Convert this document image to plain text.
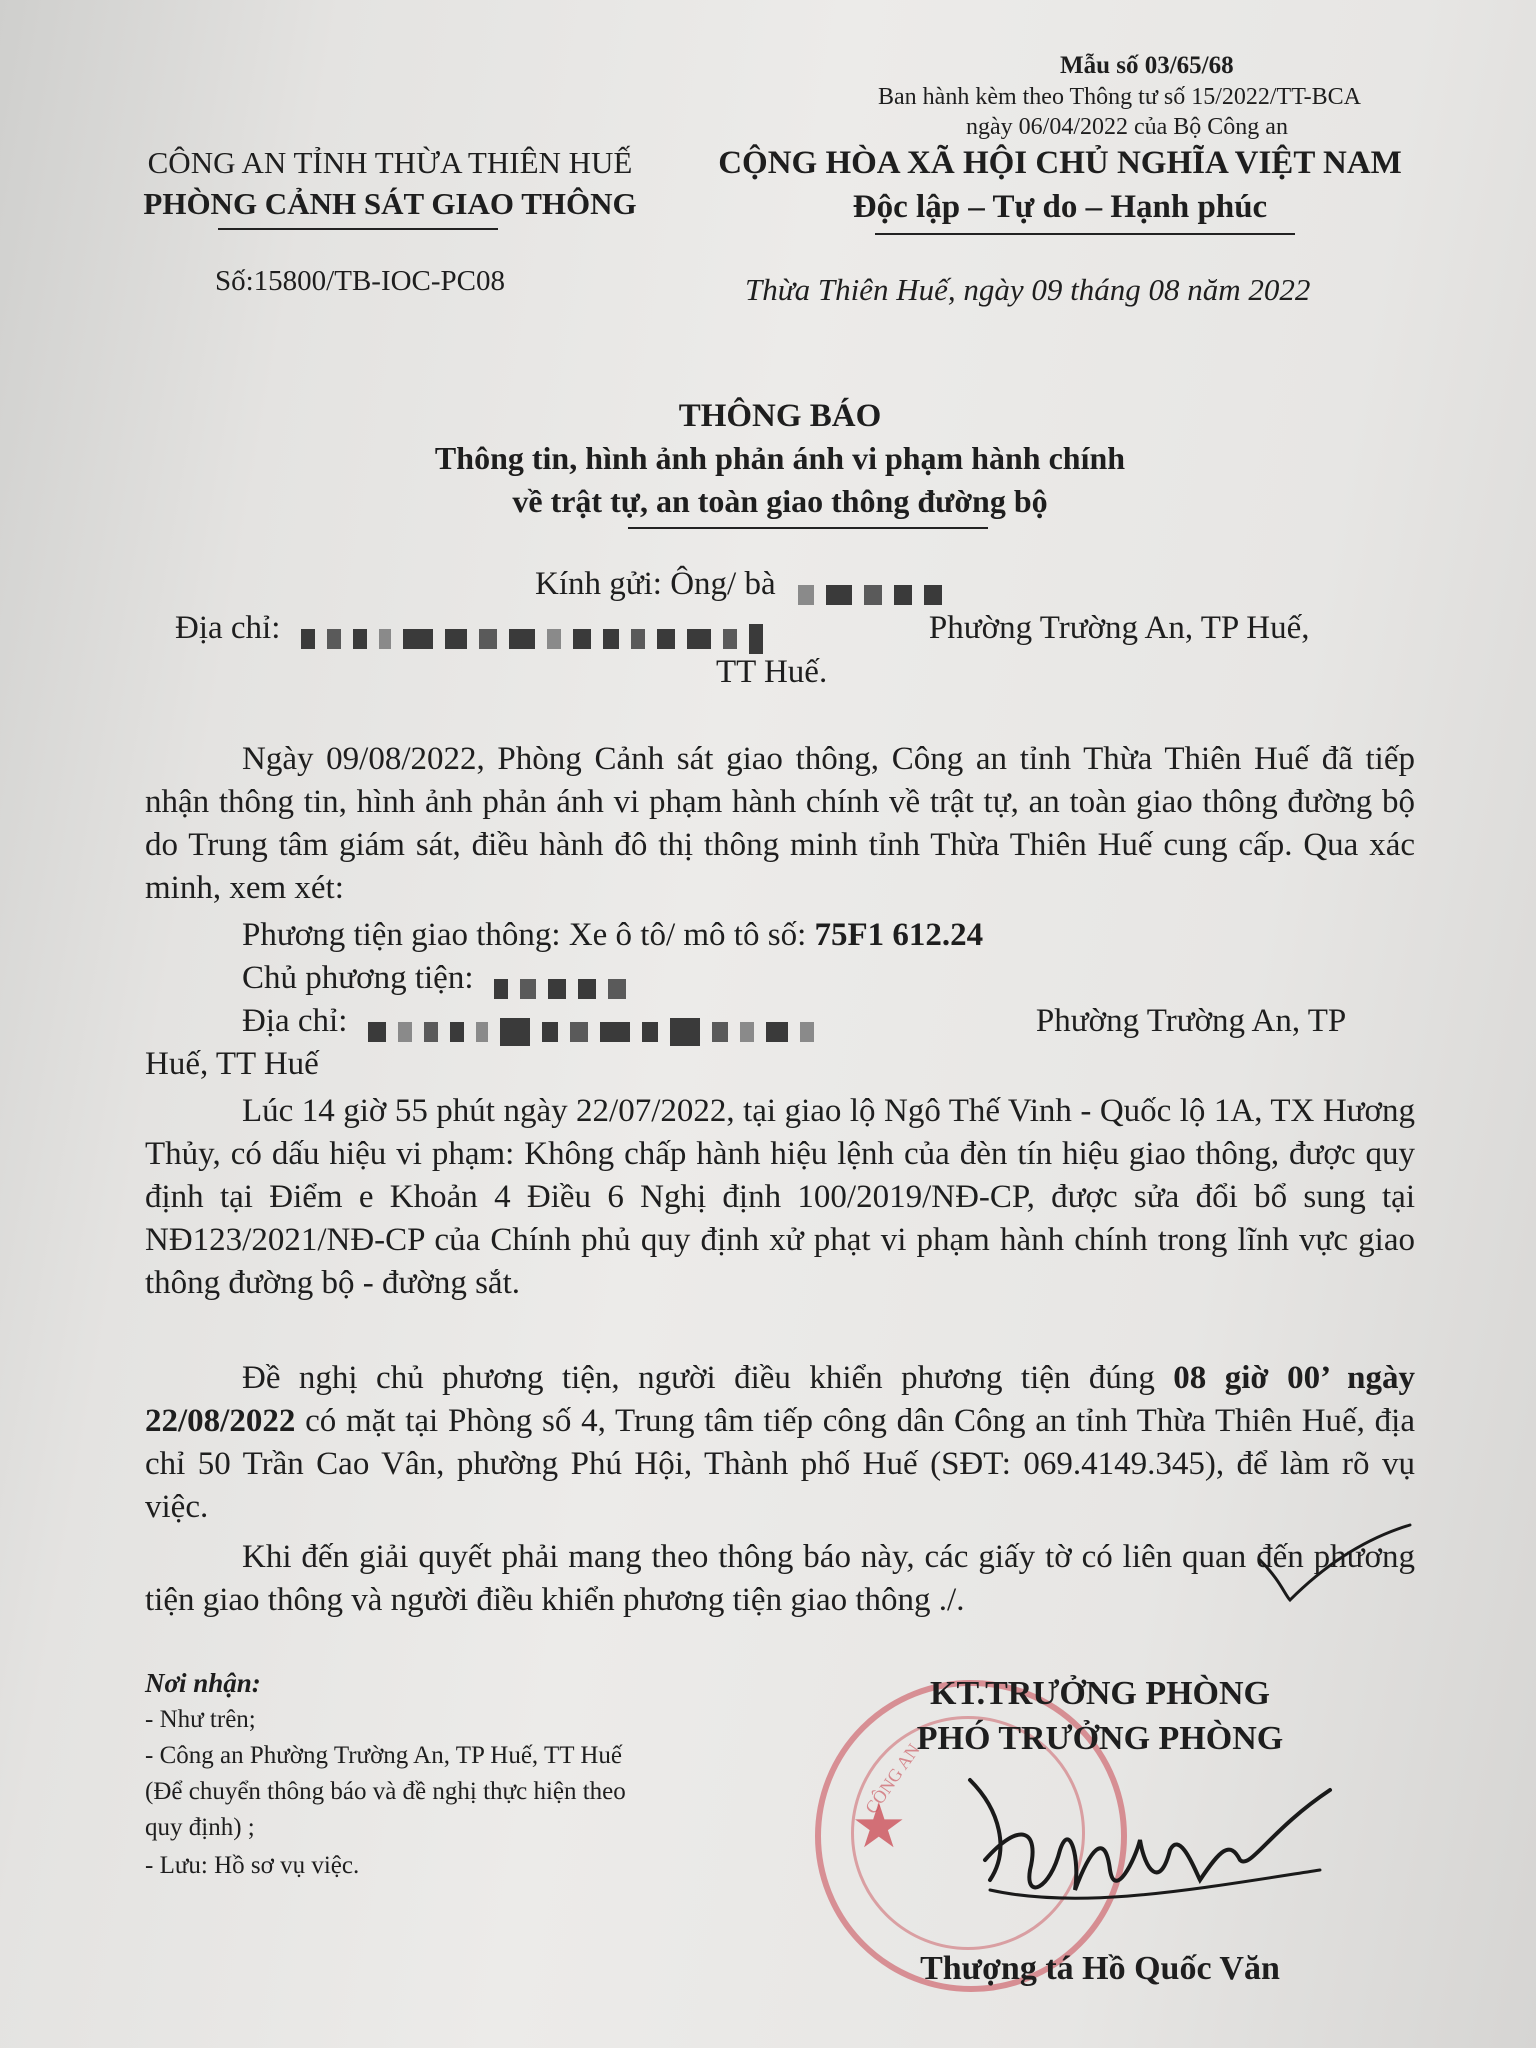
Mẫu số 03/65/68
Ban hành kèm theo Thông tư số 15/2022/TT-BCA
ngày 06/04/2022 của Bộ Công an
CÔNG AN TỈNH THỪA THIÊN HUẾ
PHÒNG CẢNH SÁT GIAO THÔNG
Số:15800/TB-IOC-PC08
CỘNG HÒA XÃ HỘI CHỦ NGHĨA VIỆT NAM
Độc lập – Tự do – Hạnh phúc
Thừa Thiên Huế, ngày 09 tháng 08 năm 2022
THÔNG BÁO
Thông tin, hình ảnh phản ánh vi phạm hành chính
về trật tự, an toàn giao thông đường bộ
Kính gửi: Ông/ bà
Địa chỉ:	Phường Trường An, TP Huế,
TT Huế.
Ngày 09/08/2022, Phòng Cảnh sát giao thông, Công an tỉnh Thừa Thiên Huế đã tiếp nhận thông tin, hình ảnh phản ánh vi phạm hành chính về trật tự, an toàn giao thông đường bộ do Trung tâm giám sát, điều hành đô thị thông minh tỉnh Thừa Thiên Huế cung cấp. Qua xác minh, xem xét:
Phương tiện giao thông: Xe ô tô/ mô tô số: 75F1 612.24
Chủ phương tiện:
Địa chỉ:	Phường Trường An, TP
Huế, TT Huế
Lúc 14 giờ 55 phút ngày 22/07/2022, tại giao lộ Ngô Thế Vinh - Quốc lộ 1A, TX Hương Thủy, có dấu hiệu vi phạm: Không chấp hành hiệu lệnh của đèn tín hiệu giao thông, được quy định tại Điểm e Khoản 4 Điều 6 Nghị định 100/2019/NĐ-CP, được sửa đổi bổ sung tại NĐ123/2021/NĐ-CP của Chính phủ quy định xử phạt vi phạm hành chính trong lĩnh vực giao thông đường bộ - đường sắt.
Đề nghị chủ phương tiện, người điều khiển phương tiện đúng 08 giờ 00’ ngày 22/08/2022 có mặt tại Phòng số 4, Trung tâm tiếp công dân Công an tỉnh Thừa Thiên Huế, địa chỉ 50 Trần Cao Vân, phường Phú Hội, Thành phố Huế (SĐT: 069.4149.345), để làm rõ vụ việc.
Khi đến giải quyết phải mang theo thông báo này, các giấy tờ có liên quan đến phương tiện giao thông và người điều khiển phương tiện giao thông ./.
Nơi nhận:
- Như trên;
- Công an Phường Trường An, TP Huế, TT Huế
(Để chuyển thông báo và đề nghị thực hiện theo
quy định) ;
- Lưu: Hồ sơ vụ việc.
★
CÔNG AN
KT.TRƯỞNG PHÒNG
PHÓ TRƯỞNG PHÒNG
Thượng tá Hồ Quốc Văn
